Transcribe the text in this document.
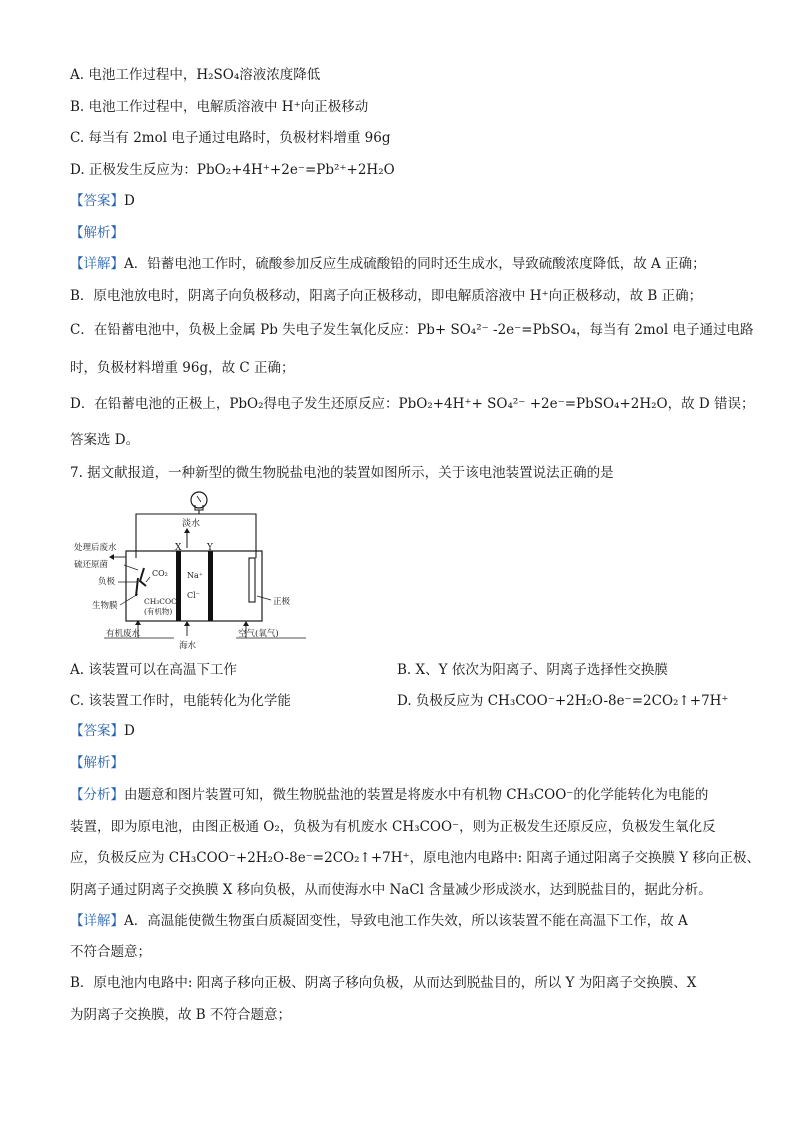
A. 电池工作过程中，H₂SO₄溶液浓度降低
B. 电池工作过程中，电解质溶液中 H⁺向正极移动
C. 每当有 2mol 电子通过电路时，负极材料增重 96g
D. 正极发生反应为：PbO₂+4H⁺+2e⁻=Pb²⁺+2H₂O
【答案】D
【解析】
【详解】A．铅蓄电池工作时，硫酸参加反应生成硫酸铅的同时还生成水，导致硫酸浓度降低，故 A 正确；
B．原电池放电时，阴离子向负极移动，阳离子向正极移动，即电解质溶液中 H⁺向正极移动，故 B 正确；
C．在铅蓄电池中，负极上金属 Pb 失电子发生氧化反应：Pb+ SO₄²⁻ -2e⁻=PbSO₄，每当有 2mol 电子通过电路
时，负极材料增重 96g，故 C 正确；
D．在铅蓄电池的正极上，PbO₂得电子发生还原反应：PbO₂+4H⁺+ SO₄²⁻ +2e⁻=PbSO₄+2H₂O，故 D 错误；
答案选 D。
7. 据文献报道，一种新型的微生物脱盐电池的装置如图所示，关于该电池装置说法正确的是
淡水
X	Y
处理后废水
硫还原菌
负极
生物膜
CO₂
CH₃COO⁻
(有机物)
Na⁺
Cl⁻
正极
有机废水
海水
空气(氧气)
A. 该装置可以在高温下工作	B. X、Y 依次为阳离子、阴离子选择性交换膜
C. 该装置工作时，电能转化为化学能	D. 负极反应为 CH₃COO⁻+2H₂O-8e⁻=2CO₂↑+7H⁺
【答案】D
【解析】
【分析】由题意和图片装置可知，微生物脱盐池的装置是将废水中有机物 CH₃COO⁻的化学能转化为电能的
装置，即为原电池，由图正极通 O₂，负极为有机废水 CH₃COO⁻，则为正极发生还原反应，负极发生氧化反
应，负极反应为 CH₃COO⁻+2H₂O-8e⁻=2CO₂↑+7H⁺，原电池内电路中: 阳离子通过阳离子交换膜 Y 移向正极、
阴离子通过阴离子交换膜 X 移向负极，从而使海水中 NaCl 含量减少形成淡水，达到脱盐目的，据此分析。
【详解】A．高温能使微生物蛋白质凝固变性，导致电池工作失效，所以该装置不能在高温下工作，故 A
不符合题意；
B．原电池内电路中: 阳离子移向正极、阴离子移向负极，从而达到脱盐目的，所以 Y 为阳离子交换膜、X
为阴离子交换膜，故 B 不符合题意；
